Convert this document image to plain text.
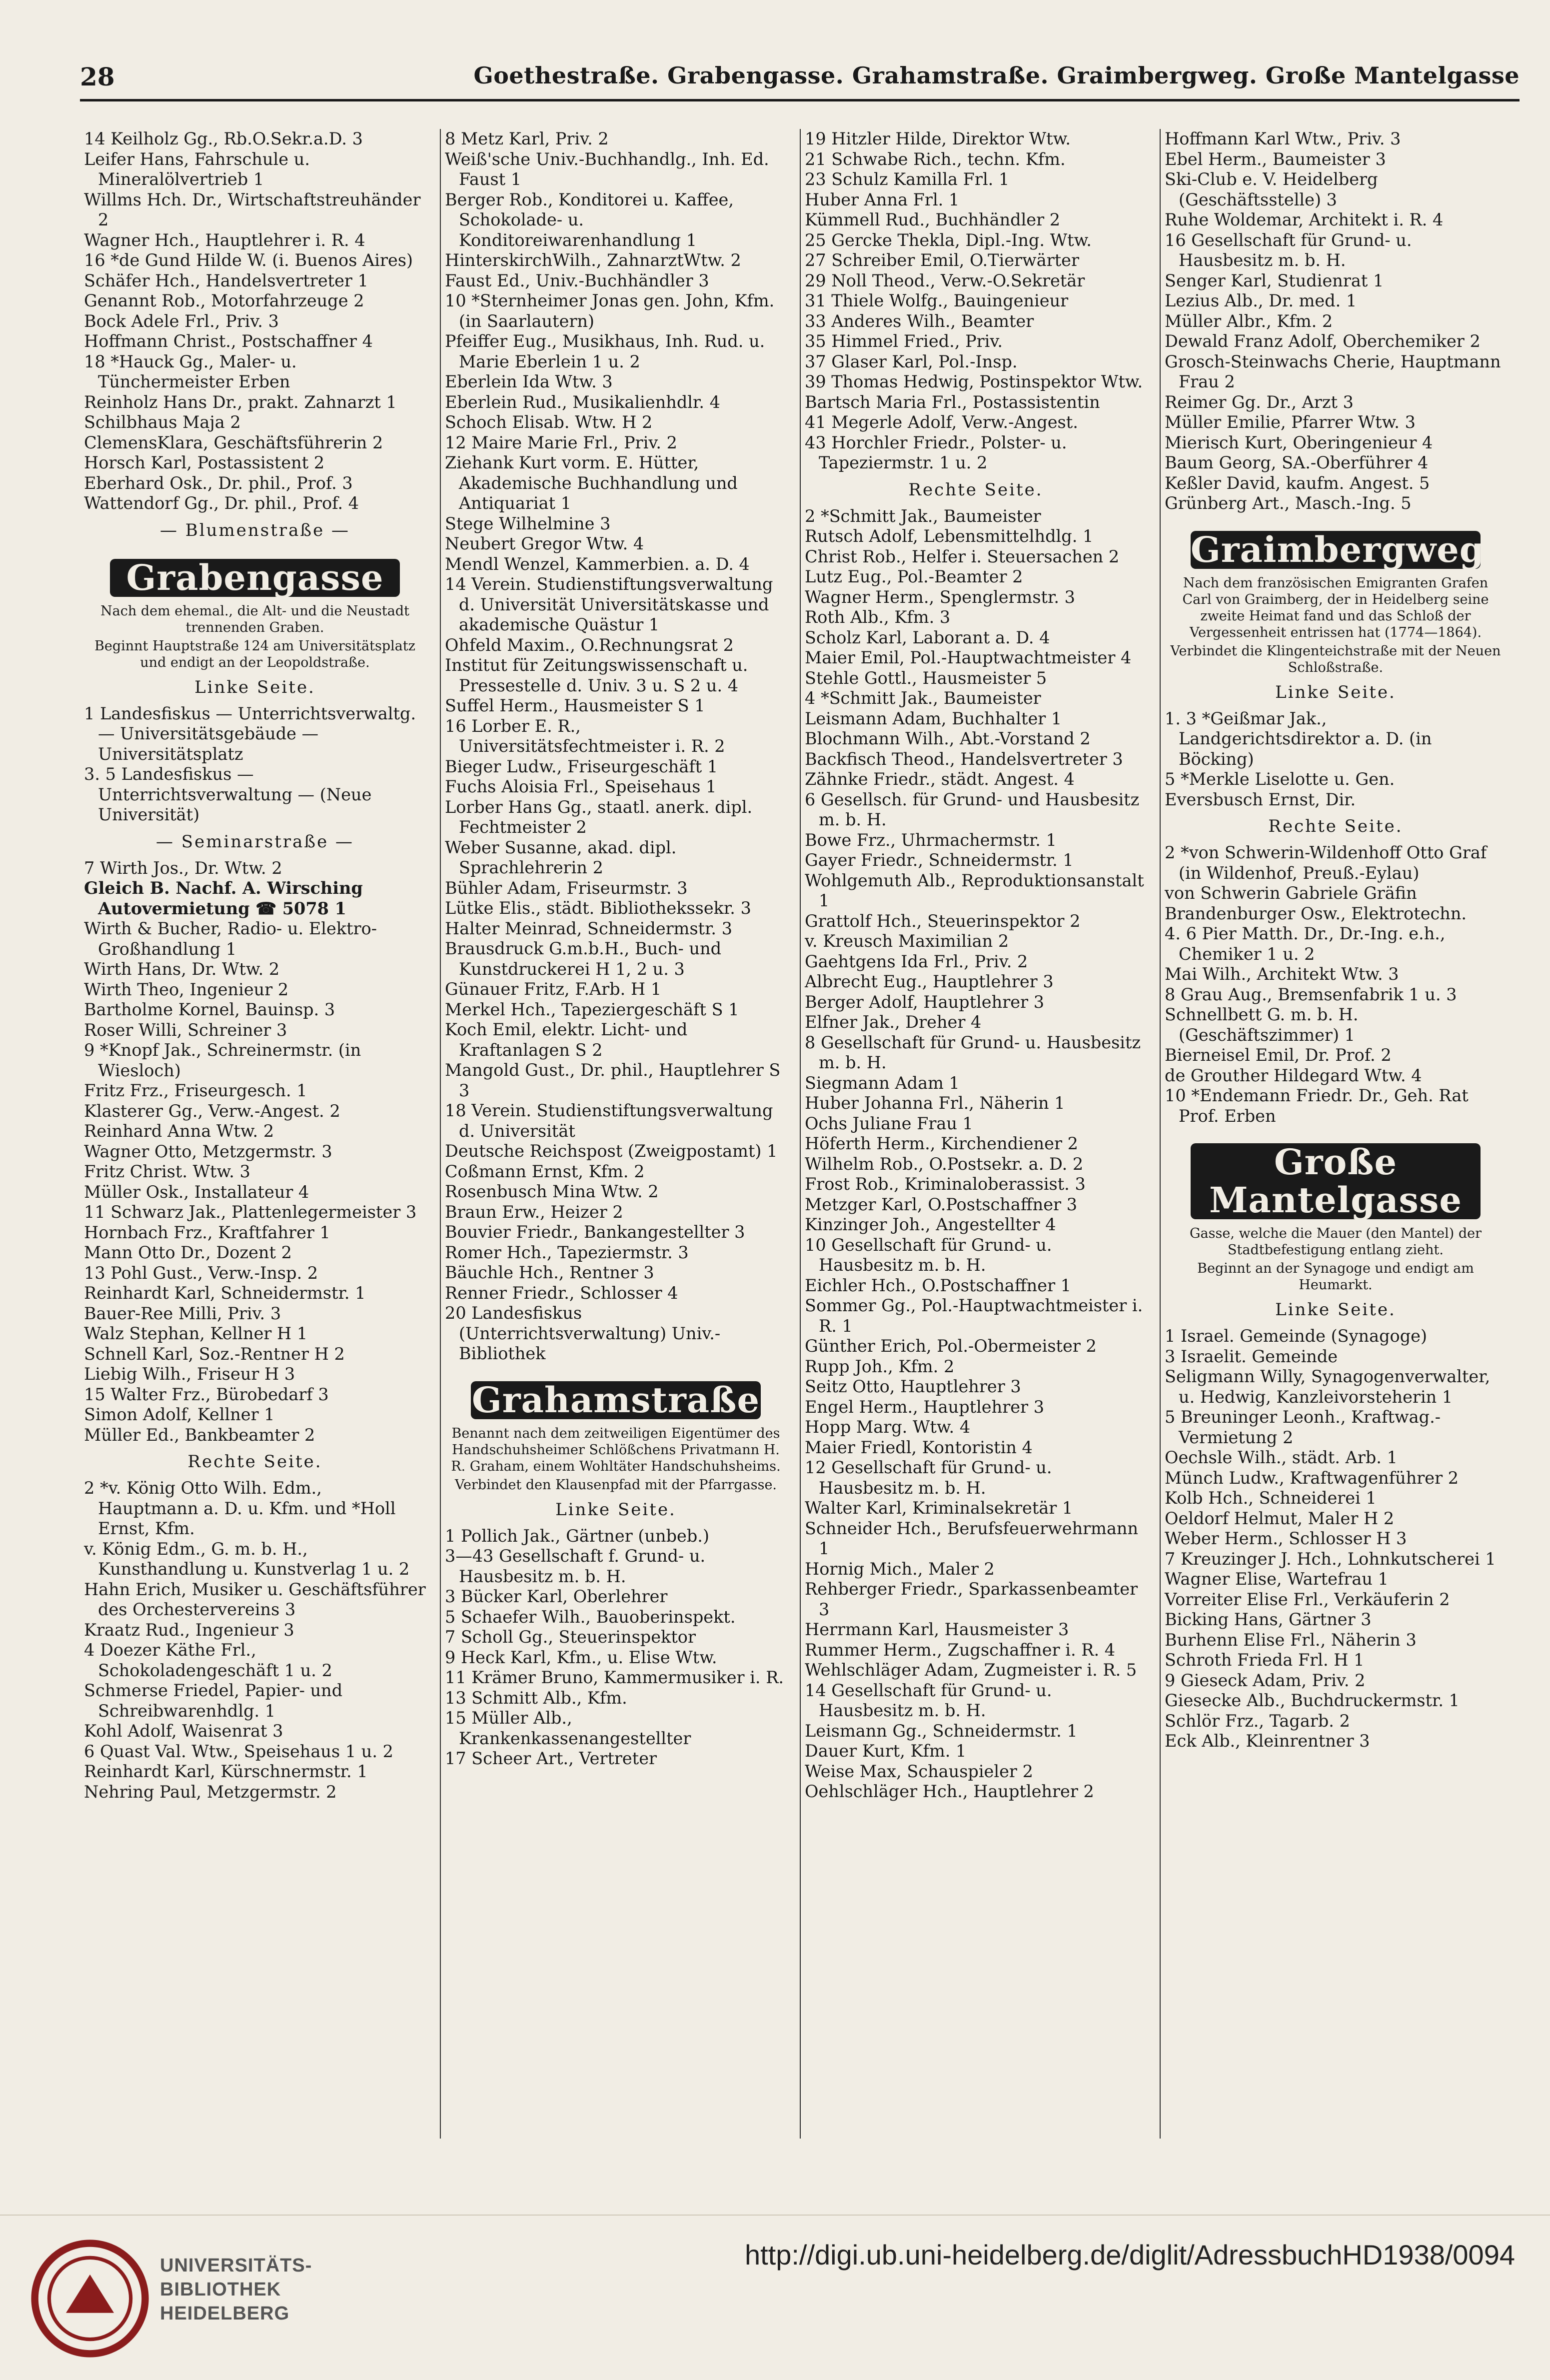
28	Goethestraße. Grabengasse. Grahamstraße. Graimbergweg. Große Mantelgasse
14 Keilholz Gg., Rb.O.Sekr.a.D. 3
Leifer Hans, Fahrschule u. Mineralölvertrieb 1
Willms Hch. Dr., Wirtschaftstreuhänder 2
Wagner Hch., Hauptlehrer i. R. 4
16 *de Gund Hilde W. (i. Buenos Aires)
Schäfer Hch., Handelsvertreter 1
Genannt Rob., Motorfahrzeuge 2
Bock Adele Frl., Priv. 3
Hoffmann Christ., Postschaffner 4
18 *Hauck Gg., Maler- u. Tünchermeister Erben
Reinholz Hans Dr., prakt. Zahnarzt 1
Schilbhaus Maja 2
ClemensKlara, Geschäftsführerin 2
Horsch Karl, Postassistent 2
Eberhard Osk., Dr. phil., Prof. 3
Wattendorf Gg., Dr. phil., Prof. 4
— Blumenstraße —
Grabengasse
Nach dem ehemal., die Alt- und die Neustadt trennenden Graben.
Beginnt Hauptstraße 124 am Universitätsplatz und endigt an der Leopoldstraße.
Linke Seite.
1 Landesfiskus — Unterrichtsverwaltg. — Universitätsgebäude — Universitätsplatz
3. 5 Landesfiskus — Unterrichtsverwaltung — (Neue Universität)
— Seminarstraße —
7 Wirth Jos., Dr. Wtw. 2
Gleich B. Nachf. A. Wirsching Autovermietung ☎ 5078 1
Wirth & Bucher, Radio- u. Elektro-Großhandlung 1
Wirth Hans, Dr. Wtw. 2
Wirth Theo, Ingenieur 2
Bartholme Kornel, Bauinsp. 3
Roser Willi, Schreiner 3
9 *Knopf Jak., Schreinermstr. (in Wiesloch)
Fritz Frz., Friseurgesch. 1
Klasterer Gg., Verw.-Angest. 2
Reinhard Anna Wtw. 2
Wagner Otto, Metzgermstr. 3
Fritz Christ. Wtw. 3
Müller Osk., Installateur 4
11 Schwarz Jak., Plattenlegermeister 3
Hornbach Frz., Kraftfahrer 1
Mann Otto Dr., Dozent 2
13 Pohl Gust., Verw.-Insp. 2
Reinhardt Karl, Schneidermstr. 1
Bauer-Ree Milli, Priv. 3
Walz Stephan, Kellner H 1
Schnell Karl, Soz.-Rentner H 2
Liebig Wilh., Friseur H 3
15 Walter Frz., Bürobedarf 3
Simon Adolf, Kellner 1
Müller Ed., Bankbeamter 2
Rechte Seite.
2 *v. König Otto Wilh. Edm., Hauptmann a. D. u. Kfm. und *Holl Ernst, Kfm.
v. König Edm., G. m. b. H., Kunsthandlung u. Kunstverlag 1 u. 2
Hahn Erich, Musiker u. Geschäftsführer des Orchestervereins 3
Kraatz Rud., Ingenieur 3
4 Doezer Käthe Frl., Schokoladengeschäft 1 u. 2
Schmerse Friedel, Papier- und Schreibwarenhdlg. 1
Kohl Adolf, Waisenrat 3
6 Quast Val. Wtw., Speisehaus 1 u. 2
Reinhardt Karl, Kürschnermstr. 1
Nehring Paul, Metzgermstr. 2
8 Metz Karl, Priv. 2
Weiß'sche Univ.-Buchhandlg., Inh. Ed. Faust 1
Berger Rob., Konditorei u. Kaffee, Schokolade- u. Konditoreiwarenhandlung 1
HinterskirchWilh., ZahnarztWtw. 2
Faust Ed., Univ.-Buchhändler 3
10 *Sternheimer Jonas gen. John, Kfm. (in Saarlautern)
Pfeiffer Eug., Musikhaus, Inh. Rud. u. Marie Eberlein 1 u. 2
Eberlein Ida Wtw. 3
Eberlein Rud., Musikalienhdlr. 4
Schoch Elisab. Wtw. H 2
12 Maire Marie Frl., Priv. 2
Ziehank Kurt vorm. E. Hütter, Akademische Buchhandlung und Antiquariat 1
Stege Wilhelmine 3
Neubert Gregor Wtw. 4
Mendl Wenzel, Kammerbien. a. D. 4
14 Verein. Studienstiftungsverwaltung d. Universität Universitätskasse und akademische Quästur 1
Ohfeld Maxim., O.Rechnungsrat 2
Institut für Zeitungswissenschaft u. Pressestelle d. Univ. 3 u. S 2 u. 4
Suffel Herm., Hausmeister S 1
16 Lorber E. R., Universitätsfechtmeister i. R. 2
Bieger Ludw., Friseurgeschäft 1
Fuchs Aloisia Frl., Speisehaus 1
Lorber Hans Gg., staatl. anerk. dipl. Fechtmeister 2
Weber Susanne, akad. dipl. Sprachlehrerin 2
Bühler Adam, Friseurmstr. 3
Lütke Elis., städt. Bibliothekssekr. 3
Halter Meinrad, Schneidermstr. 3
Brausdruck G.m.b.H., Buch- und Kunstdruckerei H 1, 2 u. 3
Günauer Fritz, F.Arb. H 1
Merkel Hch., Tapeziergeschäft S 1
Koch Emil, elektr. Licht- und Kraftanlagen S 2
Mangold Gust., Dr. phil., Hauptlehrer S 3
18 Verein. Studienstiftungsverwaltung d. Universität
Deutsche Reichspost (Zweigpostamt) 1
Coßmann Ernst, Kfm. 2
Rosenbusch Mina Wtw. 2
Braun Erw., Heizer 2
Bouvier Friedr., Bankangestellter 3
Romer Hch., Tapeziermstr. 3
Bäuchle Hch., Rentner 3
Renner Friedr., Schlosser 4
20 Landesfiskus (Unterrichtsverwaltung) Univ.-Bibliothek
Grahamstraße
Benannt nach dem zeitweiligen Eigentümer des Handschuhsheimer Schlößchens Privatmann H. R. Graham, einem Wohltäter Handschuhsheims.
Verbindet den Klausenpfad mit der Pfarrgasse.
Linke Seite.
1 Pollich Jak., Gärtner (unbeb.)
3—43 Gesellschaft f. Grund- u. Hausbesitz m. b. H.
3 Bücker Karl, Oberlehrer
5 Schaefer Wilh., Bauoberinspekt.
7 Scholl Gg., Steuerinspektor
9 Heck Karl, Kfm., u. Elise Wtw.
11 Krämer Bruno, Kammermusiker i. R.
13 Schmitt Alb., Kfm.
15 Müller Alb., Krankenkassenangestellter
17 Scheer Art., Vertreter
19 Hitzler Hilde, Direktor Wtw.
21 Schwabe Rich., techn. Kfm.
23 Schulz Kamilla Frl. 1
Huber Anna Frl. 1
Kümmell Rud., Buchhändler 2
25 Gercke Thekla, Dipl.-Ing. Wtw.
27 Schreiber Emil, O.Tierwärter
29 Noll Theod., Verw.-O.Sekretär
31 Thiele Wolfg., Bauingenieur
33 Anderes Wilh., Beamter
35 Himmel Fried., Priv.
37 Glaser Karl, Pol.-Insp.
39 Thomas Hedwig, Postinspektor Wtw.
Bartsch Maria Frl., Postassistentin
41 Megerle Adolf, Verw.-Angest.
43 Horchler Friedr., Polster- u. Tapeziermstr. 1 u. 2
Rechte Seite.
2 *Schmitt Jak., Baumeister
Rutsch Adolf, Lebensmittelhdlg. 1
Christ Rob., Helfer i. Steuersachen 2
Lutz Eug., Pol.-Beamter 2
Wagner Herm., Spenglermstr. 3
Roth Alb., Kfm. 3
Scholz Karl, Laborant a. D. 4
Maier Emil, Pol.-Hauptwachtmeister 4
Stehle Gottl., Hausmeister 5
4 *Schmitt Jak., Baumeister
Leismann Adam, Buchhalter 1
Blochmann Wilh., Abt.-Vorstand 2
Backfisch Theod., Handelsvertreter 3
Zähnke Friedr., städt. Angest. 4
6 Gesellsch. für Grund- und Hausbesitz m. b. H.
Bowe Frz., Uhrmachermstr. 1
Gayer Friedr., Schneidermstr. 1
Wohlgemuth Alb., Reproduktionsanstalt 1
Grattolf Hch., Steuerinspektor 2
v. Kreusch Maximilian 2
Gaehtgens Ida Frl., Priv. 2
Albrecht Eug., Hauptlehrer 3
Berger Adolf, Hauptlehrer 3
Elfner Jak., Dreher 4
8 Gesellschaft für Grund- u. Hausbesitz m. b. H.
Siegmann Adam 1
Huber Johanna Frl., Näherin 1
Ochs Juliane Frau 1
Höferth Herm., Kirchendiener 2
Wilhelm Rob., O.Postsekr. a. D. 2
Frost Rob., Kriminaloberassist. 3
Metzger Karl, O.Postschaffner 3
Kinzinger Joh., Angestellter 4
10 Gesellschaft für Grund- u. Hausbesitz m. b. H.
Eichler Hch., O.Postschaffner 1
Sommer Gg., Pol.-Hauptwachtmeister i. R. 1
Günther Erich, Pol.-Obermeister 2
Rupp Joh., Kfm. 2
Seitz Otto, Hauptlehrer 3
Engel Herm., Hauptlehrer 3
Hopp Marg. Wtw. 4
Maier Friedl, Kontoristin 4
12 Gesellschaft für Grund- u. Hausbesitz m. b. H.
Walter Karl, Kriminalsekretär 1
Schneider Hch., Berufsfeuerwehrmann 1
Hornig Mich., Maler 2
Rehberger Friedr., Sparkassenbeamter 3
Herrmann Karl, Hausmeister 3
Rummer Herm., Zugschaffner i. R. 4
Wehlschläger Adam, Zugmeister i. R. 5
14 Gesellschaft für Grund- u. Hausbesitz m. b. H.
Leismann Gg., Schneidermstr. 1
Dauer Kurt, Kfm. 1
Weise Max, Schauspieler 2
Oehlschläger Hch., Hauptlehrer 2
Hoffmann Karl Wtw., Priv. 3
Ebel Herm., Baumeister 3
Ski-Club e. V. Heidelberg (Geschäftsstelle) 3
Ruhe Woldemar, Architekt i. R. 4
16 Gesellschaft für Grund- u. Hausbesitz m. b. H.
Senger Karl, Studienrat 1
Lezius Alb., Dr. med. 1
Müller Albr., Kfm. 2
Dewald Franz Adolf, Oberchemiker 2
Grosch-Steinwachs Cherie, Hauptmann Frau 2
Reimer Gg. Dr., Arzt 3
Müller Emilie, Pfarrer Wtw. 3
Mierisch Kurt, Oberingenieur 4
Baum Georg, SA.-Oberführer 4
Keßler David, kaufm. Angest. 5
Grünberg Art., Masch.-Ing. 5
Graimbergweg
Nach dem französischen Emigranten Grafen Carl von Graimberg, der in Heidelberg seine zweite Heimat fand und das Schloß der Vergessenheit entrissen hat (1774—1864).
Verbindet die Klingenteichstraße mit der Neuen Schloßstraße.
Linke Seite.
1. 3 *Geißmar Jak., Landgerichtsdirektor a. D. (in Böcking)
5 *Merkle Liselotte u. Gen.
Eversbusch Ernst, Dir.
Rechte Seite.
2 *von Schwerin-Wildenhoff Otto Graf (in Wildenhof, Preuß.-Eylau)
von Schwerin Gabriele Gräfin
Brandenburger Osw., Elektrotechn.
4. 6 Pier Matth. Dr., Dr.-Ing. e.h., Chemiker 1 u. 2
Mai Wilh., Architekt Wtw. 3
8 Grau Aug., Bremsenfabrik 1 u. 3
Schnellbett G. m. b. H. (Geschäftszimmer) 1
Bierneisel Emil, Dr. Prof. 2
de Grouther Hildegard Wtw. 4
10 *Endemann Friedr. Dr., Geh. Rat Prof. Erben
Große Mantelgasse
Gasse, welche die Mauer (den Mantel) der Stadtbefestigung entlang zieht.
Beginnt an der Synagoge und endigt am Heumarkt.
Linke Seite.
1 Israel. Gemeinde (Synagoge)
3 Israelit. Gemeinde
Seligmann Willy, Synagogenverwalter, u. Hedwig, Kanzleivorsteherin 1
5 Breuninger Leonh., Kraftwag.-Vermietung 2
Oechsle Wilh., städt. Arb. 1
Münch Ludw., Kraftwagenführer 2
Kolb Hch., Schneiderei 1
Oeldorf Helmut, Maler H 2
Weber Herm., Schlosser H 3
7 Kreuzinger J. Hch., Lohnkutscherei 1
Wagner Elise, Wartefrau 1
Vorreiter Elise Frl., Verkäuferin 2
Bicking Hans, Gärtner 3
Burhenn Elise Frl., Näherin 3
Schroth Frieda Frl. H 1
9 Gieseck Adam, Priv. 2
Giesecke Alb., Buchdruckermstr. 1
Schlör Frz., Tagarb. 2
Eck Alb., Kleinrentner 3
UNIVERSITÄTS-BIBLIOTHEK HEIDELBERG
http://digi.ub.uni-heidelberg.de/diglit/AdressbuchHD1938/0094
